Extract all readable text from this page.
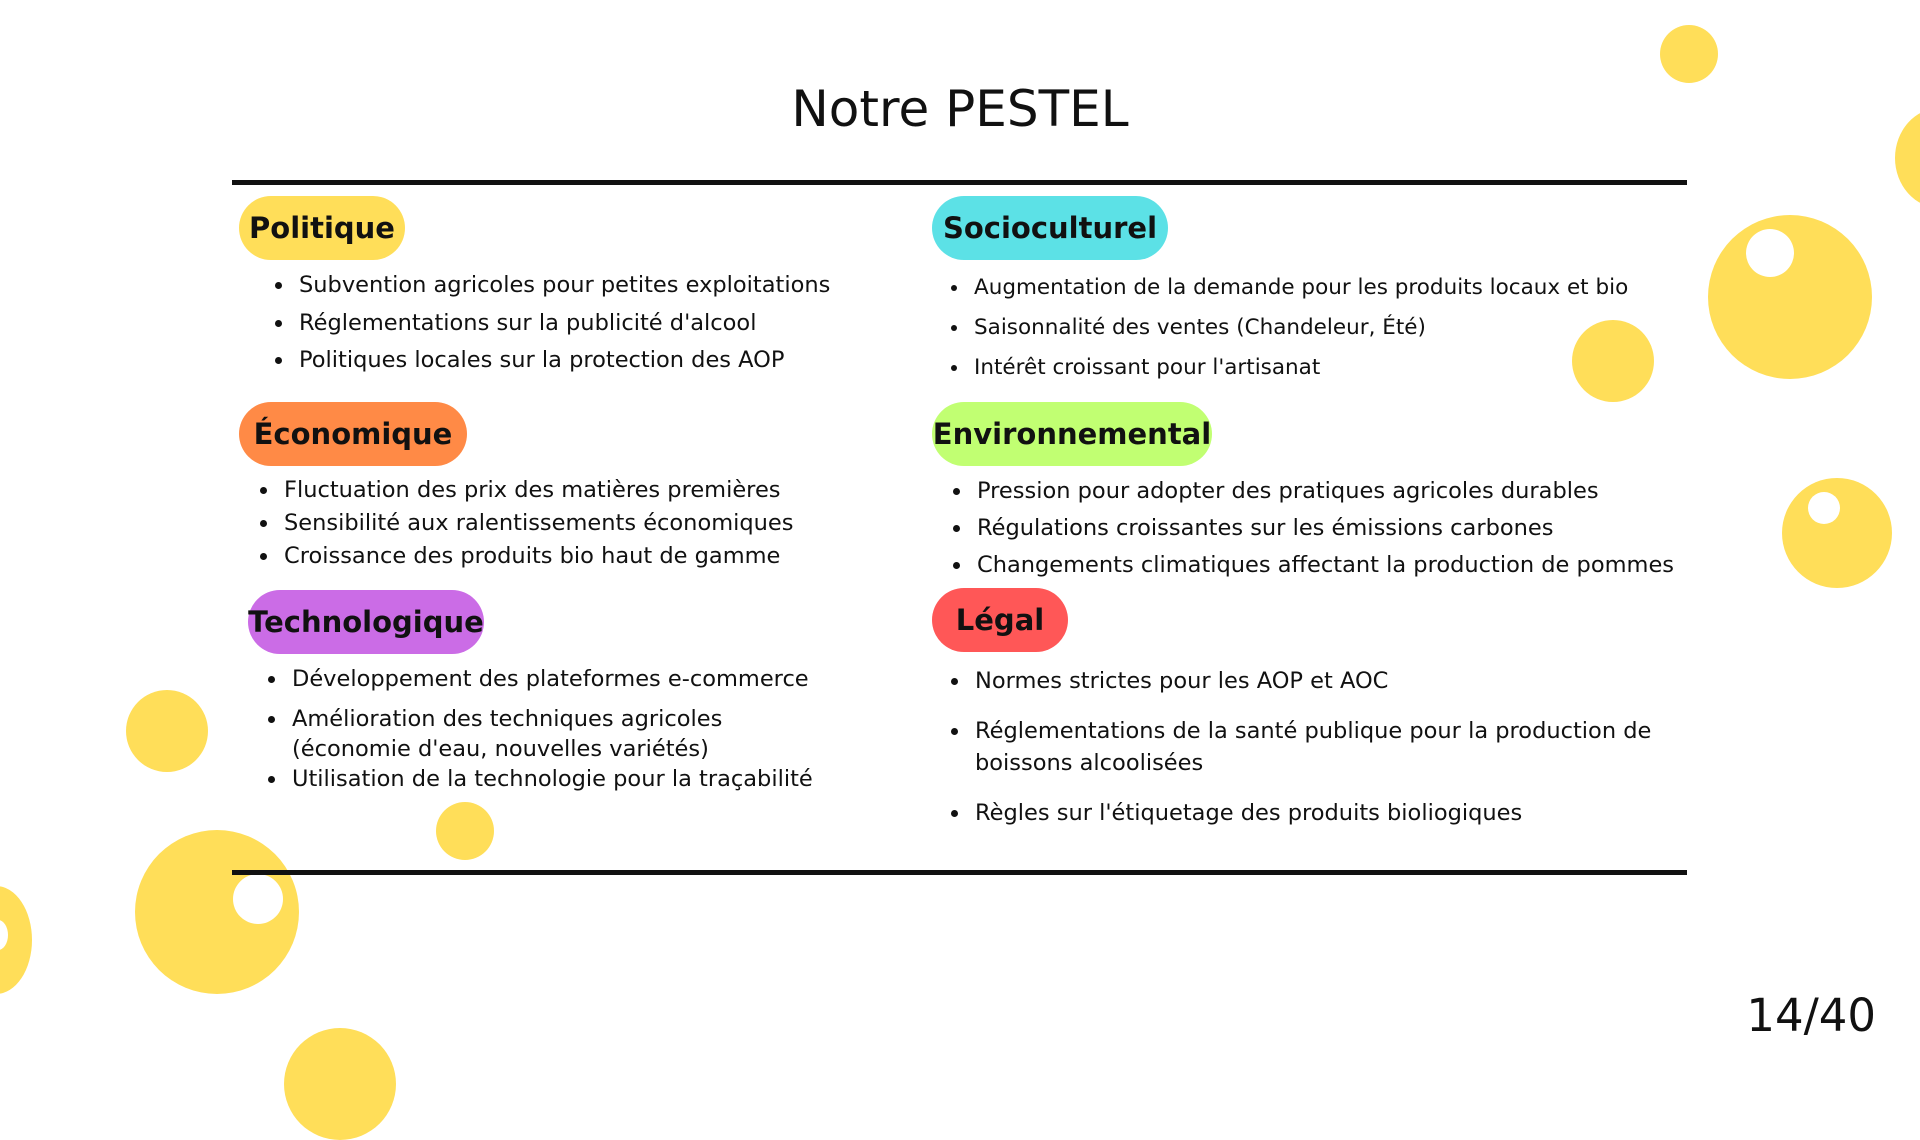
Notre PESTEL
Politique
• Subvention agricoles pour petites exploitations
• Réglementations sur la publicité d'alcool
• Politiques locales sur la protection des AOP
Socioculturel
• Augmentation de la demande pour les produits locaux et bio
• Saisonnalité des ventes (Chandeleur, Été)
• Intérêt croissant pour l'artisanat
Économique
• Fluctuation des prix des matières premières
• Sensibilité aux ralentissements économiques
• Croissance des produits bio haut de gamme
Environnemental
• Pression pour adopter des pratiques agricoles durables
• Régulations croissantes sur les émissions carbones
• Changements climatiques affectant la production de pommes
Technologique
• Développement des plateformes e-commerce
• Amélioration des techniques agricoles (économie d'eau, nouvelles variétés)
• Utilisation de la technologie pour la traçabilité
Légal
• Normes strictes pour les AOP et AOC
• Réglementations de la santé publique pour la production de boissons alcoolisées
• Règles sur l'étiquetage des produits bioliogiques
14/40
